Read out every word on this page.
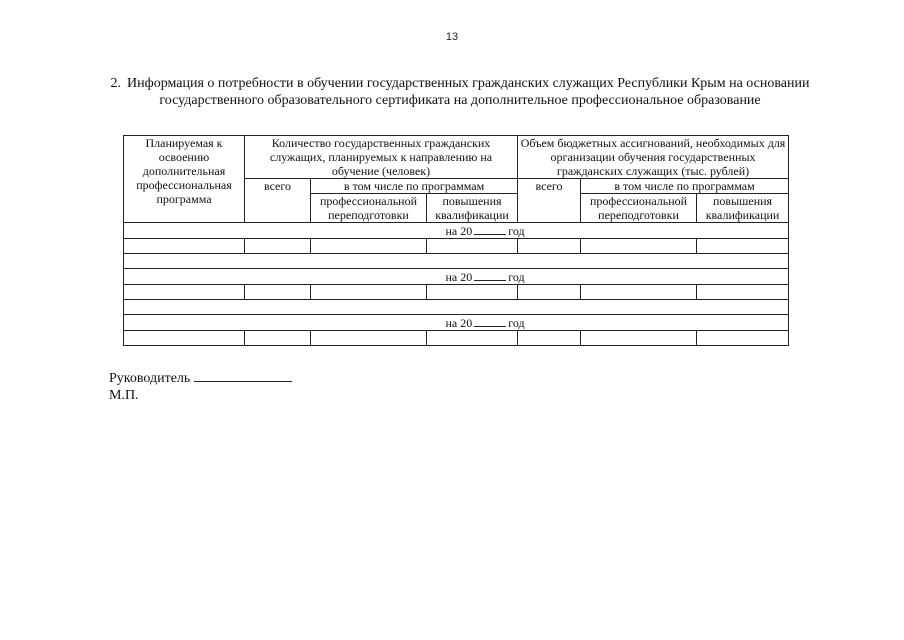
13
2. Информация о потребности в обучении государственных гражданских служащих Республики Крым на основании государственного образовательного сертификата на дополнительное профессиональное образование
Планируемая к освоению дополнительная профессиональная программа	Количество государственных гражданских служащих, планируемых к направлению на обучение (человек)			Объем бюджетных ассигнований, необходимых для организации обучения государственных гражданских служащих (тыс. рублей)		
	всего	в том числе по программам		всего	в том числе по программам	
		профессиональной переподготовки	повышения квалификации		профессиональной переподготовки	повышения квалификации
на 20 год						

на 20 год						

на 20 год						

Руководитель
М.П.
